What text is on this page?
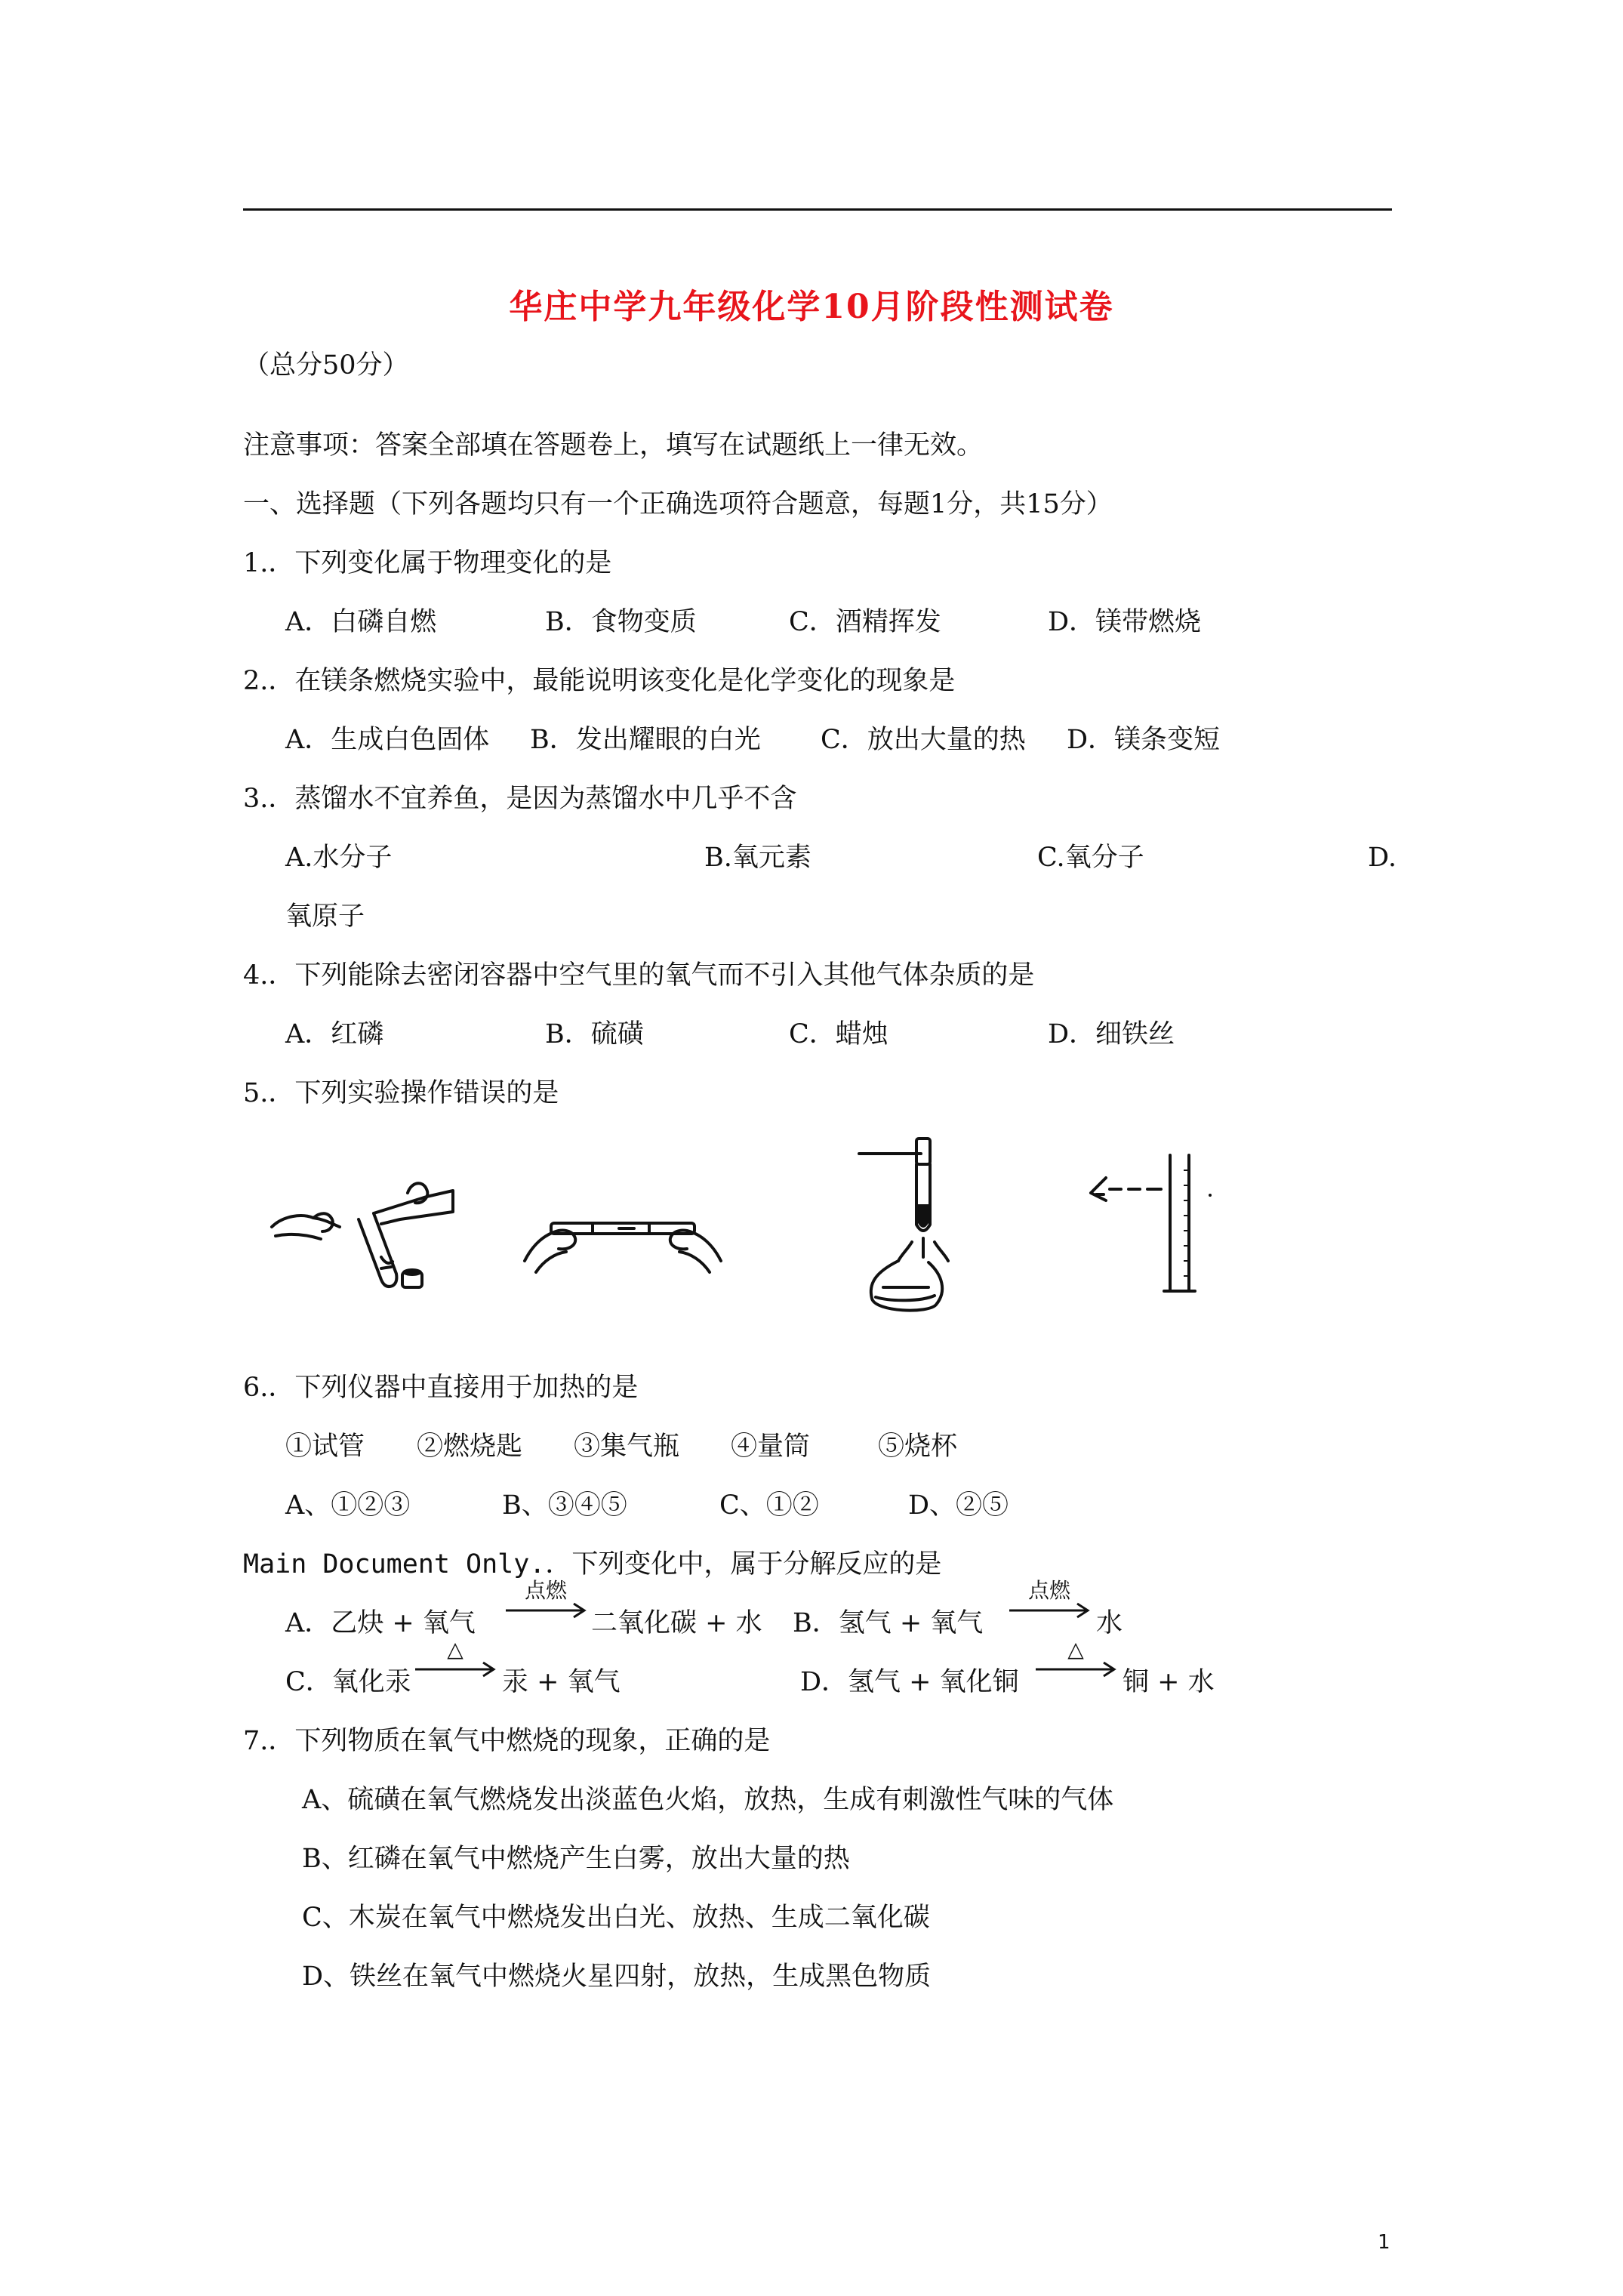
华庄中学九年级化学10月阶段性测试卷
（总分50分）
注意事项：答案全部填在答题卷上，填写在试题纸上一律无效。
一、选择题（下列各题均只有一个正确选项符合题意，每题1分，共15分）
1.．下列变化属于物理变化的是
A．白磷自燃	B．食物变质	C．酒精挥发	D．镁带燃烧
2.．在镁条燃烧实验中，最能说明该变化是化学变化的现象是
A．生成白色固体 B．发出耀眼的白光 C．放出大量的热 D．镁条变短
3.．蒸馏水不宜养鱼，是因为蒸馏水中几乎不含
A.水分子	B.氧元素	C.氧分子	D.
氧原子
4.．下列能除去密闭容器中空气里的氧气而不引入其他气体杂质的是
A．红磷	B．硫磺	C．蜡烛	D．细铁丝
5.．下列实验操作错误的是
6.．下列仪器中直接用于加热的是
①试管 ②燃烧匙 ③集气瓶 ④量筒	⑤烧杯
A、①②③	B、③④⑤	C、①②	D、②⑤
Main Document Only.．下列变化中，属于分解反应的是
A．乙炔 + 氧气
点燃
二氧化碳 + 水 B．氢气 + 氧气
点燃
水
C．氧化汞
△
汞 + 氧气	D．氢气 + 氧化铜
△
铜 + 水
7.．下列物质在氧气中燃烧的现象，正确的是
A、硫磺在氧气燃烧发出淡蓝色火焰，放热，生成有刺激性气味的气体
B、红磷在氧气中燃烧产生白雾，放出大量的热
C、木炭在氧气中燃烧发出白光、放热、生成二氧化碳
D、铁丝在氧气中燃烧火星四射，放热，生成黑色物质
1
